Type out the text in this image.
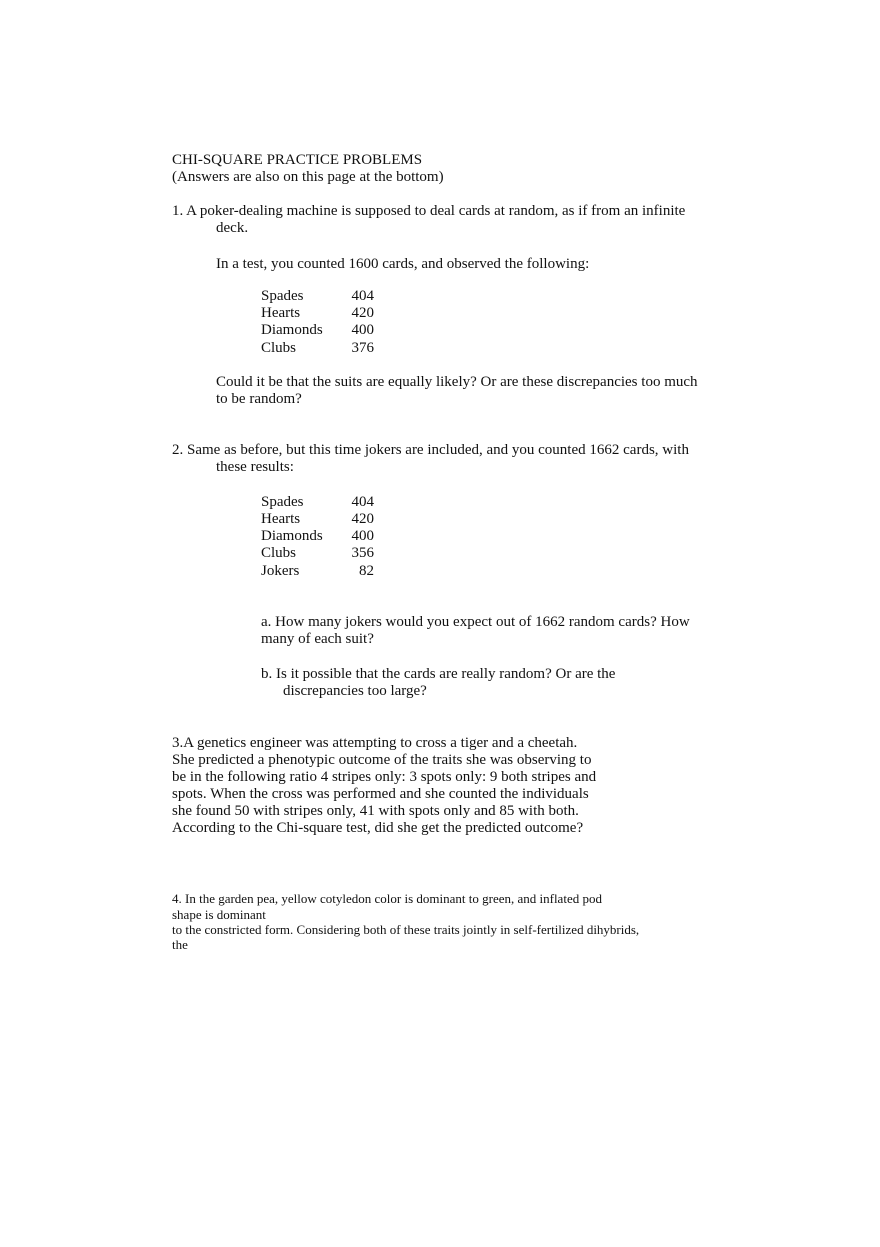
CHI-SQUARE PRACTICE PROBLEMS
(Answers are also on this page at the bottom)
1. A poker-dealing machine is supposed to deal cards at random, as if from an infinite
deck.
In a test, you counted 1600 cards, and observed the following:
Spades	404
Hearts	420
Diamonds	400
Clubs	376
Could it be that the suits are equally likely? Or are these discrepancies too much
to be random?
2. Same as before, but this time jokers are included, and you counted 1662 cards, with
these results:
Spades	404
Hearts	420
Diamonds	400
Clubs	356
Jokers	82
a. How many jokers would you expect out of 1662 random cards? How
many of each suit?
b. Is it possible that the cards are really random? Or are the
discrepancies too large?
3.A genetics engineer was attempting to cross a tiger and a cheetah.
She predicted a phenotypic outcome of the traits she was observing to
be in the following ratio 4 stripes only: 3 spots only: 9 both stripes and
spots. When the cross was performed and she counted the individuals
she found 50 with stripes only, 41 with spots only and 85 with both.
According to the Chi-square test, did she get the predicted outcome?
4. In the garden pea, yellow cotyledon color is dominant to green, and inflated pod
shape is dominant
to the constricted form. Considering both of these traits jointly in self-fertilized dihybrids,
the
